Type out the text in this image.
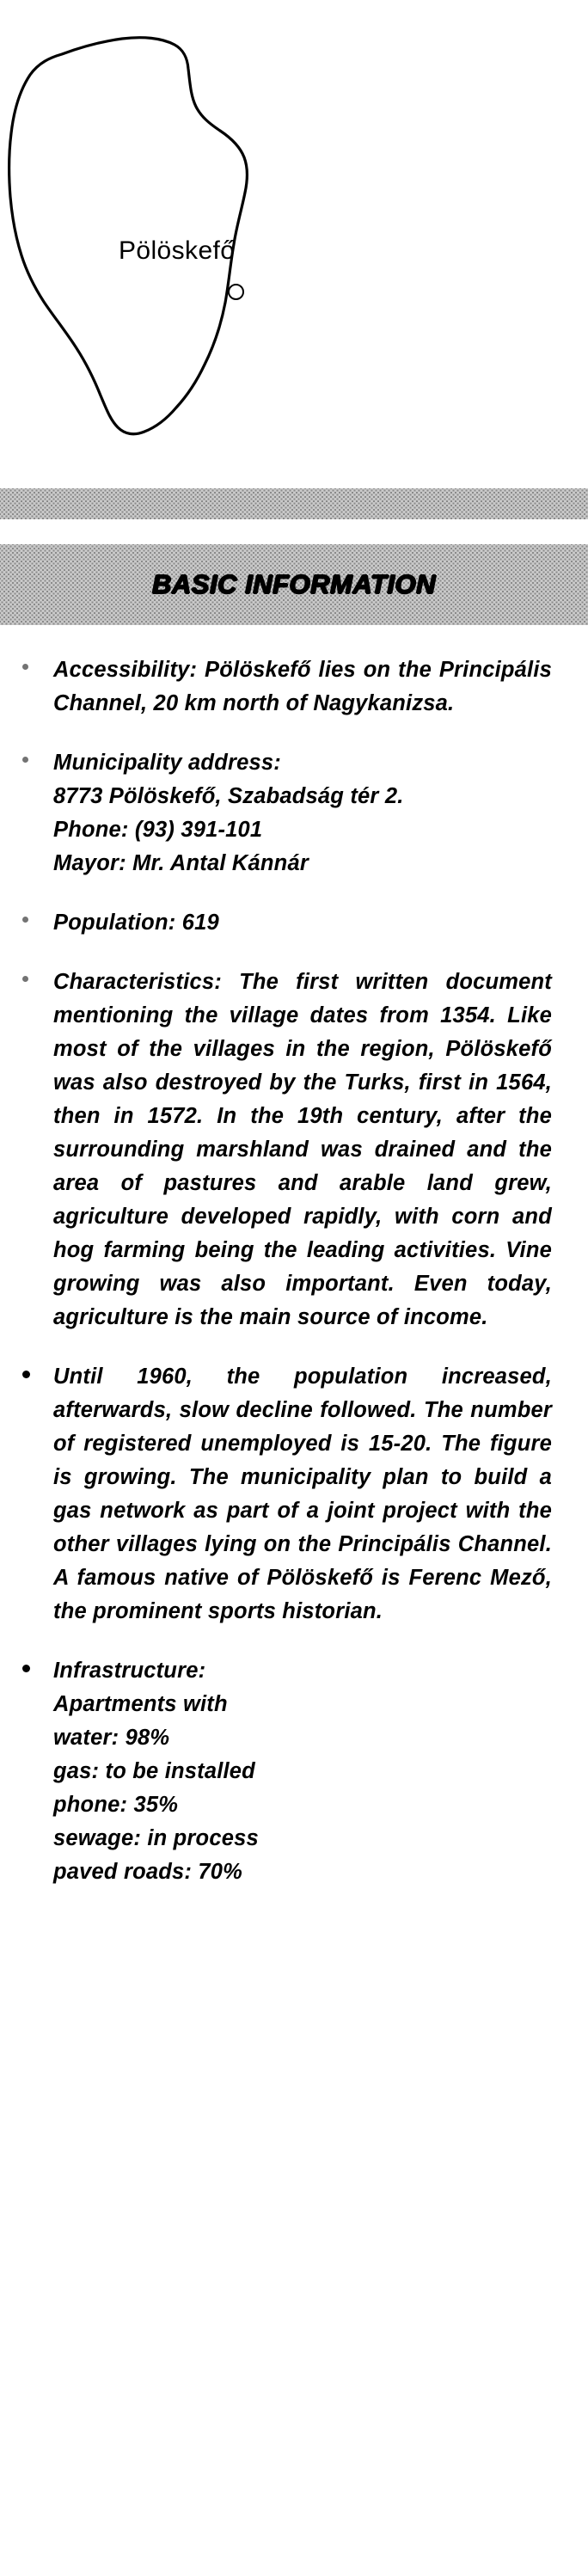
Pölöskefő
BASIC INFORMATION

Accessibility: Pölöskefő lies on the Principális Channel, 20 km north of Nagykanizsa.

Municipality address:
8773 Pölöskefő, Szabadság tér 2.
Phone: (93) 391-101
Mayor: Mr. Antal Kánnár

Population: 619

Characteristics: The first written document mentioning the village dates from 1354. Like most of the villages in the region, Pölöskefő was also destroyed by the Turks, first in 1564, then in 1572. In the 19th century, after the surrounding marshland was drained and the area of pastures and arable land grew, agriculture developed rapidly, with corn and hog farming being the leading activities. Vine growing was also important. Even today, agriculture is the main source of income.

Until 1960, the population increased, afterwards, slow decline followed. The number of registered unemployed is 15-20. The figure is growing. The municipality plan to build a gas network as part of a joint project with the other villages lying on the Principális Channel. A famous native of Pölöskefő is Ferenc Mező, the prominent sports historian.

Infrastructure:
Apartments with
water: 98%
gas: to be installed
phone: 35%
sewage: in process
paved roads: 70%
